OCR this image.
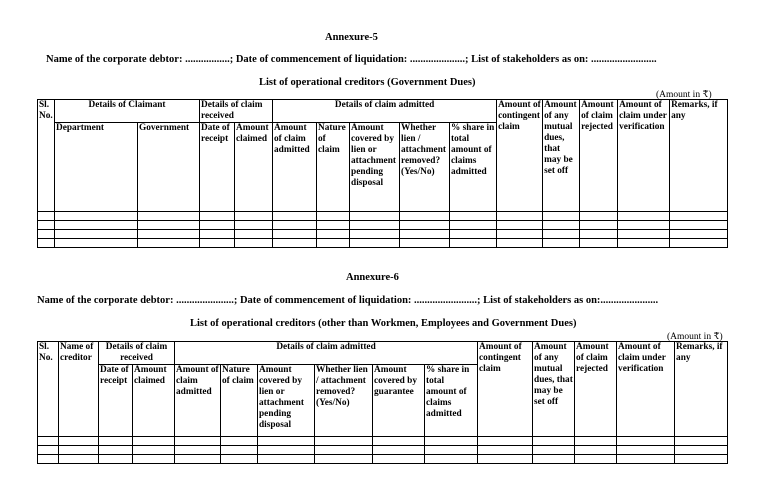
Annexure-5
Name of the corporate debtor: .................; Date of commencement of liquidation: .....................; List of stakeholders as on: .........................
List of operational creditors (Government Dues)
(Amount in ₹)
Sl. No.	Details of Claimant		Details of claim received		Details of claim admitted					Amount of contingent claim	Amount of any mutual dues, that may be set off	Amount of claim rejected	Amount of claim under verification	Remarks, if any
	Department	Government	Date of receipt	Amount claimed	Amount of claim admitted	Nature of claim	Amount covered by lien or attachment pending disposal	Whether lien / attachment removed? (Yes/No)	% share in total amount of claims admitted					

Annexure-6
Name of the corporate debtor: ......................; Date of commencement of liquidation: ........................; List of stakeholders as on:......................
List of operational creditors (other than Workmen, Employees and Government Dues)
(Amount in ₹)
Sl. No.	Name of creditor	Details of claim received		Details of claim admitted						Amount of contingent claim	Amount of any mutual dues, that may be set off	Amount of claim rejected	Amount of claim under verification	Remarks, if any
		Date of receipt	Amount claimed	Amount of claim admitted	Nature of claim	Amount covered by lien or attachment pending disposal	Whether lien / attachment removed? (Yes/No)	Amount covered by guarantee	% share in total amount of claims admitted					
